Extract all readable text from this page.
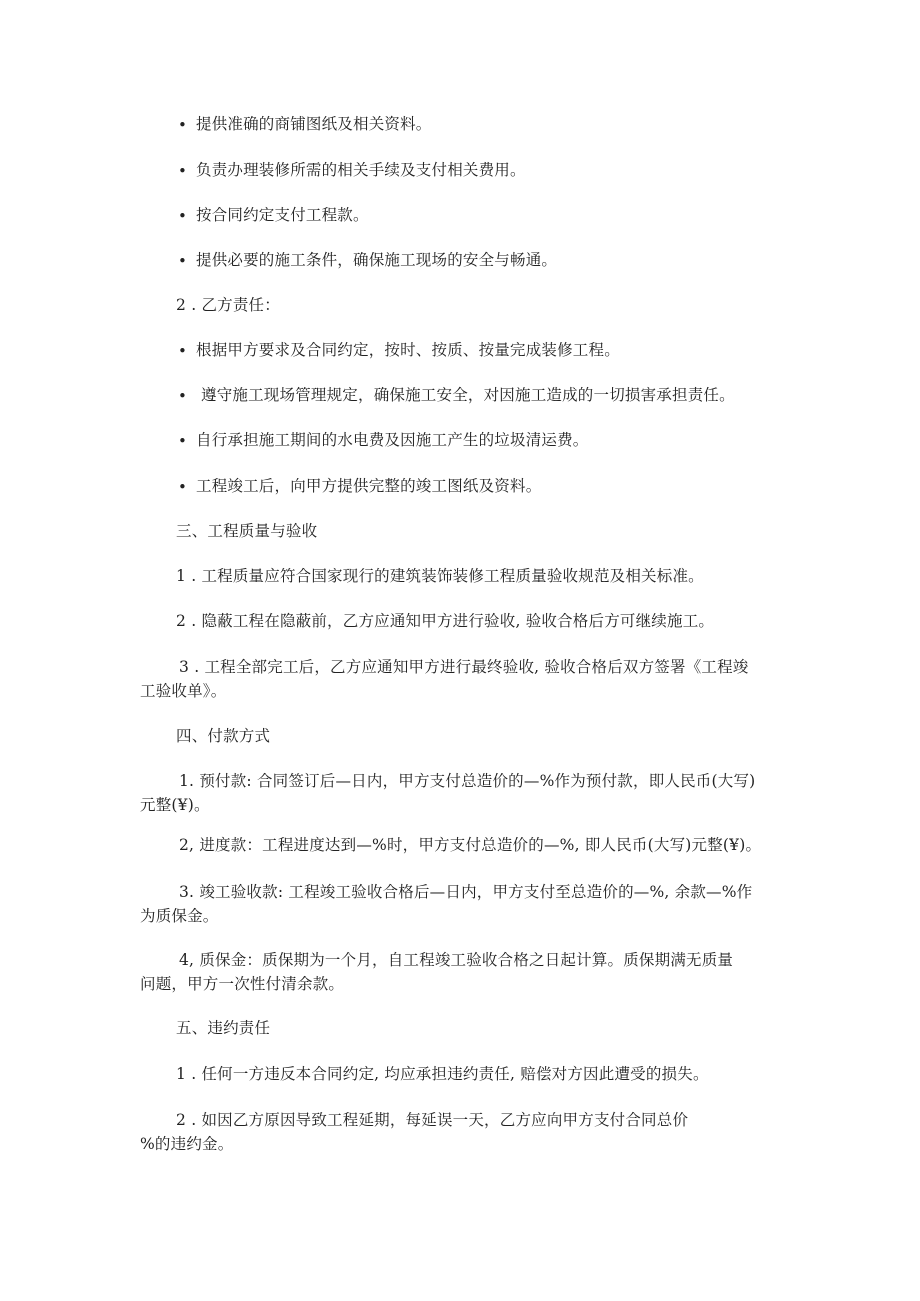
• 提供准确的商铺图纸及相关资料。
• 负责办理装修所需的相关手续及支付相关费用。
• 按合同约定支付工程款。
• 提供必要的施工条件，确保施工现场的安全与畅通。
2 . 乙方责任：
• 根据甲方要求及合同约定，按时、按质、按量完成装修工程。
• 遵守施工现场管理规定，确保施工安全，对因施工造成的一切损害承担责任。
• 自行承担施工期间的水电费及因施工产生的垃圾清运费。
• 工程竣工后，向甲方提供完整的竣工图纸及资料。
三、工程质量与验收
1 . 工程质量应符合国家现行的建筑装饰装修工程质量验收规范及相关标准。
2 . 隐蔽工程在隐蔽前，乙方应通知甲方进行验收, 验收合格后方可继续施工。
3 . 工程全部完工后，乙方应通知甲方进行最终验收, 验收合格后双方签署《工程竣
工验收单》。
四、付款方式
1. 预付款: 合同签订后—日内，甲方支付总造价的—%作为预付款，即人民币(大写)
元整(¥)。
2, 进度款：工程进度达到—%时，甲方支付总造价的—%, 即人民币(大写)元整(¥)。
3. 竣工验收款: 工程竣工验收合格后—日内，甲方支付至总造价的—%, 余款—%作
为质保金。
4, 质保金：质保期为一个月，自工程竣工验收合格之日起计算。质保期满无质量
问题，甲方一次性付清余款。
五、违约责任
1 . 任何一方违反本合同约定, 均应承担违约责任, 赔偿对方因此遭受的损失。
2 . 如因乙方原因导致工程延期，每延误一天，乙方应向甲方支付合同总价
%的违约金。
